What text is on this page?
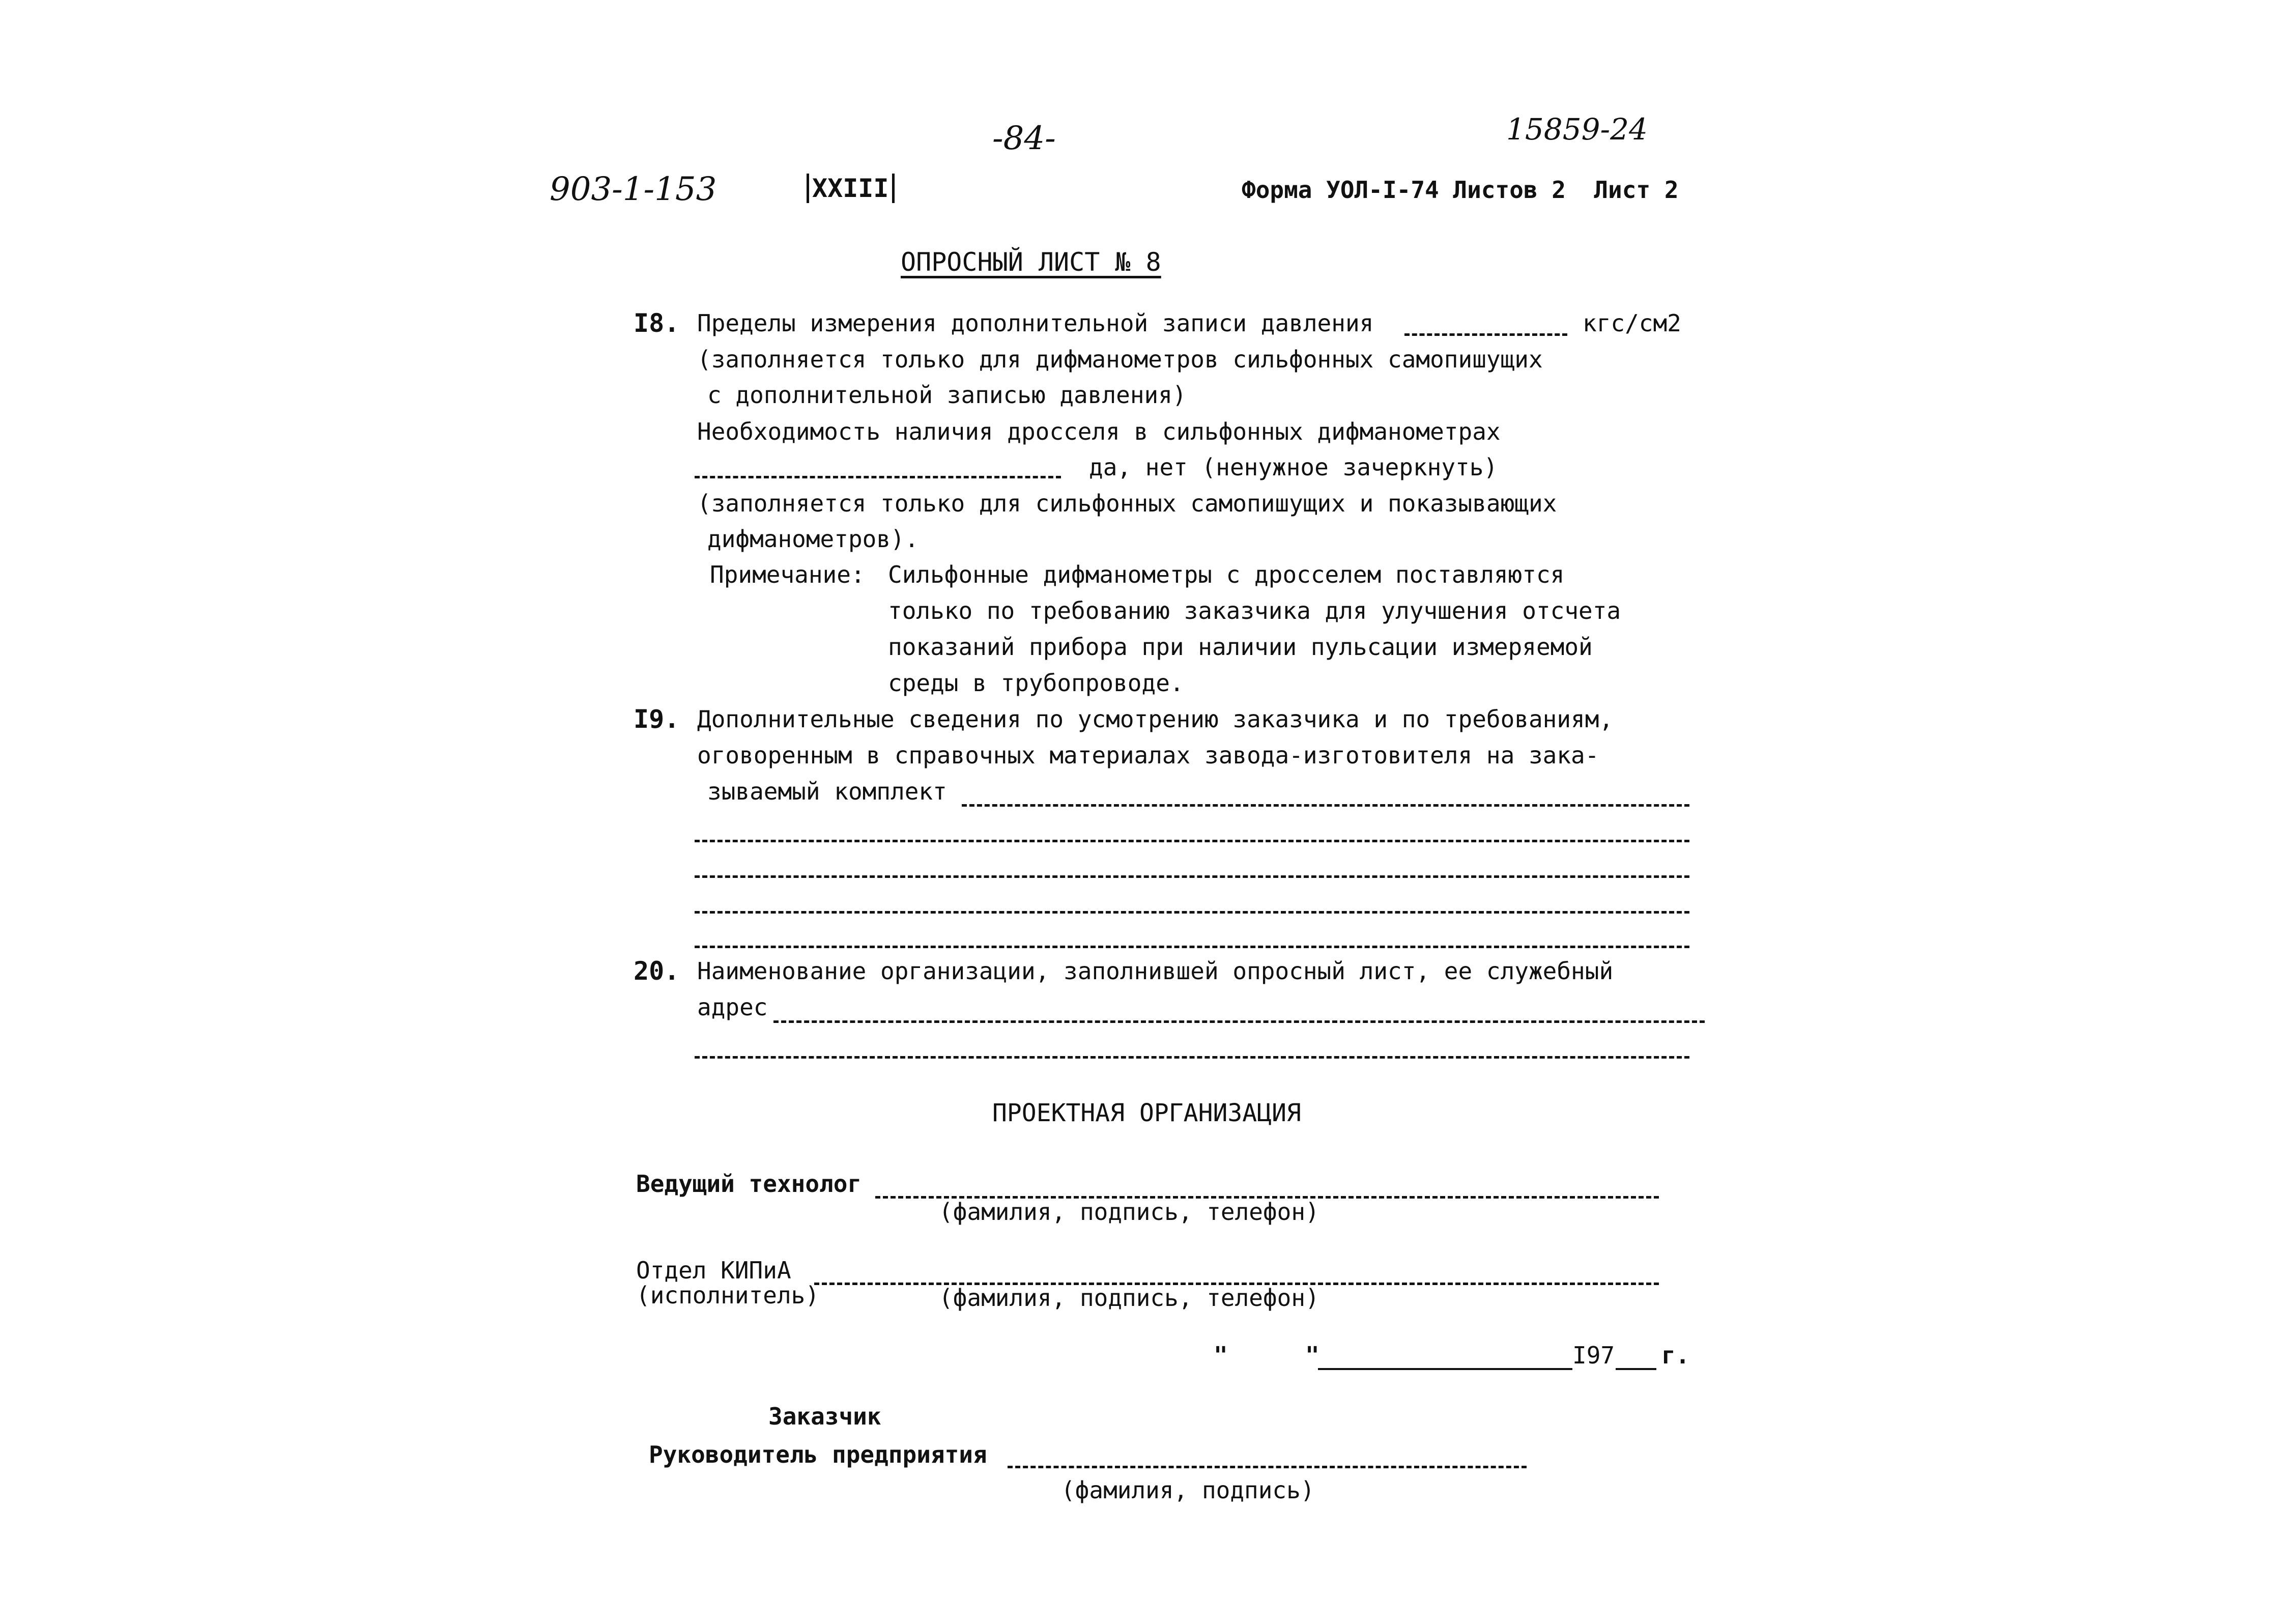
-84-	15859-24
903-1-153	XXIII	Форма УОЛ-I-74 Листов 2  Лист 2
ОПРОСНЫЙ ЛИСТ № 8
I8. Пределы измерения дополнительной записи давления	кгс/см2
(заполняется только для дифманометров сильфонных самопишущих
с дополнительной записью давления)
Необходимость наличия дросселя в сильфонных дифманометрах
да, нет (ненужное зачеркнуть)
(заполняется только для сильфонных самопишущих и показывающих
дифманометров).
Примечание: Сильфонные дифманометры с дросселем поставляются
только по требованию заказчика для улучшения отсчета
показаний прибора при наличии пульсации измеряемой
среды в трубопроводе.
I9. Дополнительные сведения по усмотрению заказчика и по требованиям,
оговоренным в справочных материалах завода-изготовителя на зака-
зываемый комплект
20. Наименование организации, заполнившей опросный лист, ее служебный
адрес
ПРОЕКТНАЯ ОРГАНИЗАЦИЯ
Ведущий технолог
(фамилия, подпись, телефон)
Отдел КИПиА
(исполнитель)	(фамилия, подпись, телефон)
"	"	I97 г.
Заказчик
Руководитель предприятия
(фамилия, подпись)
